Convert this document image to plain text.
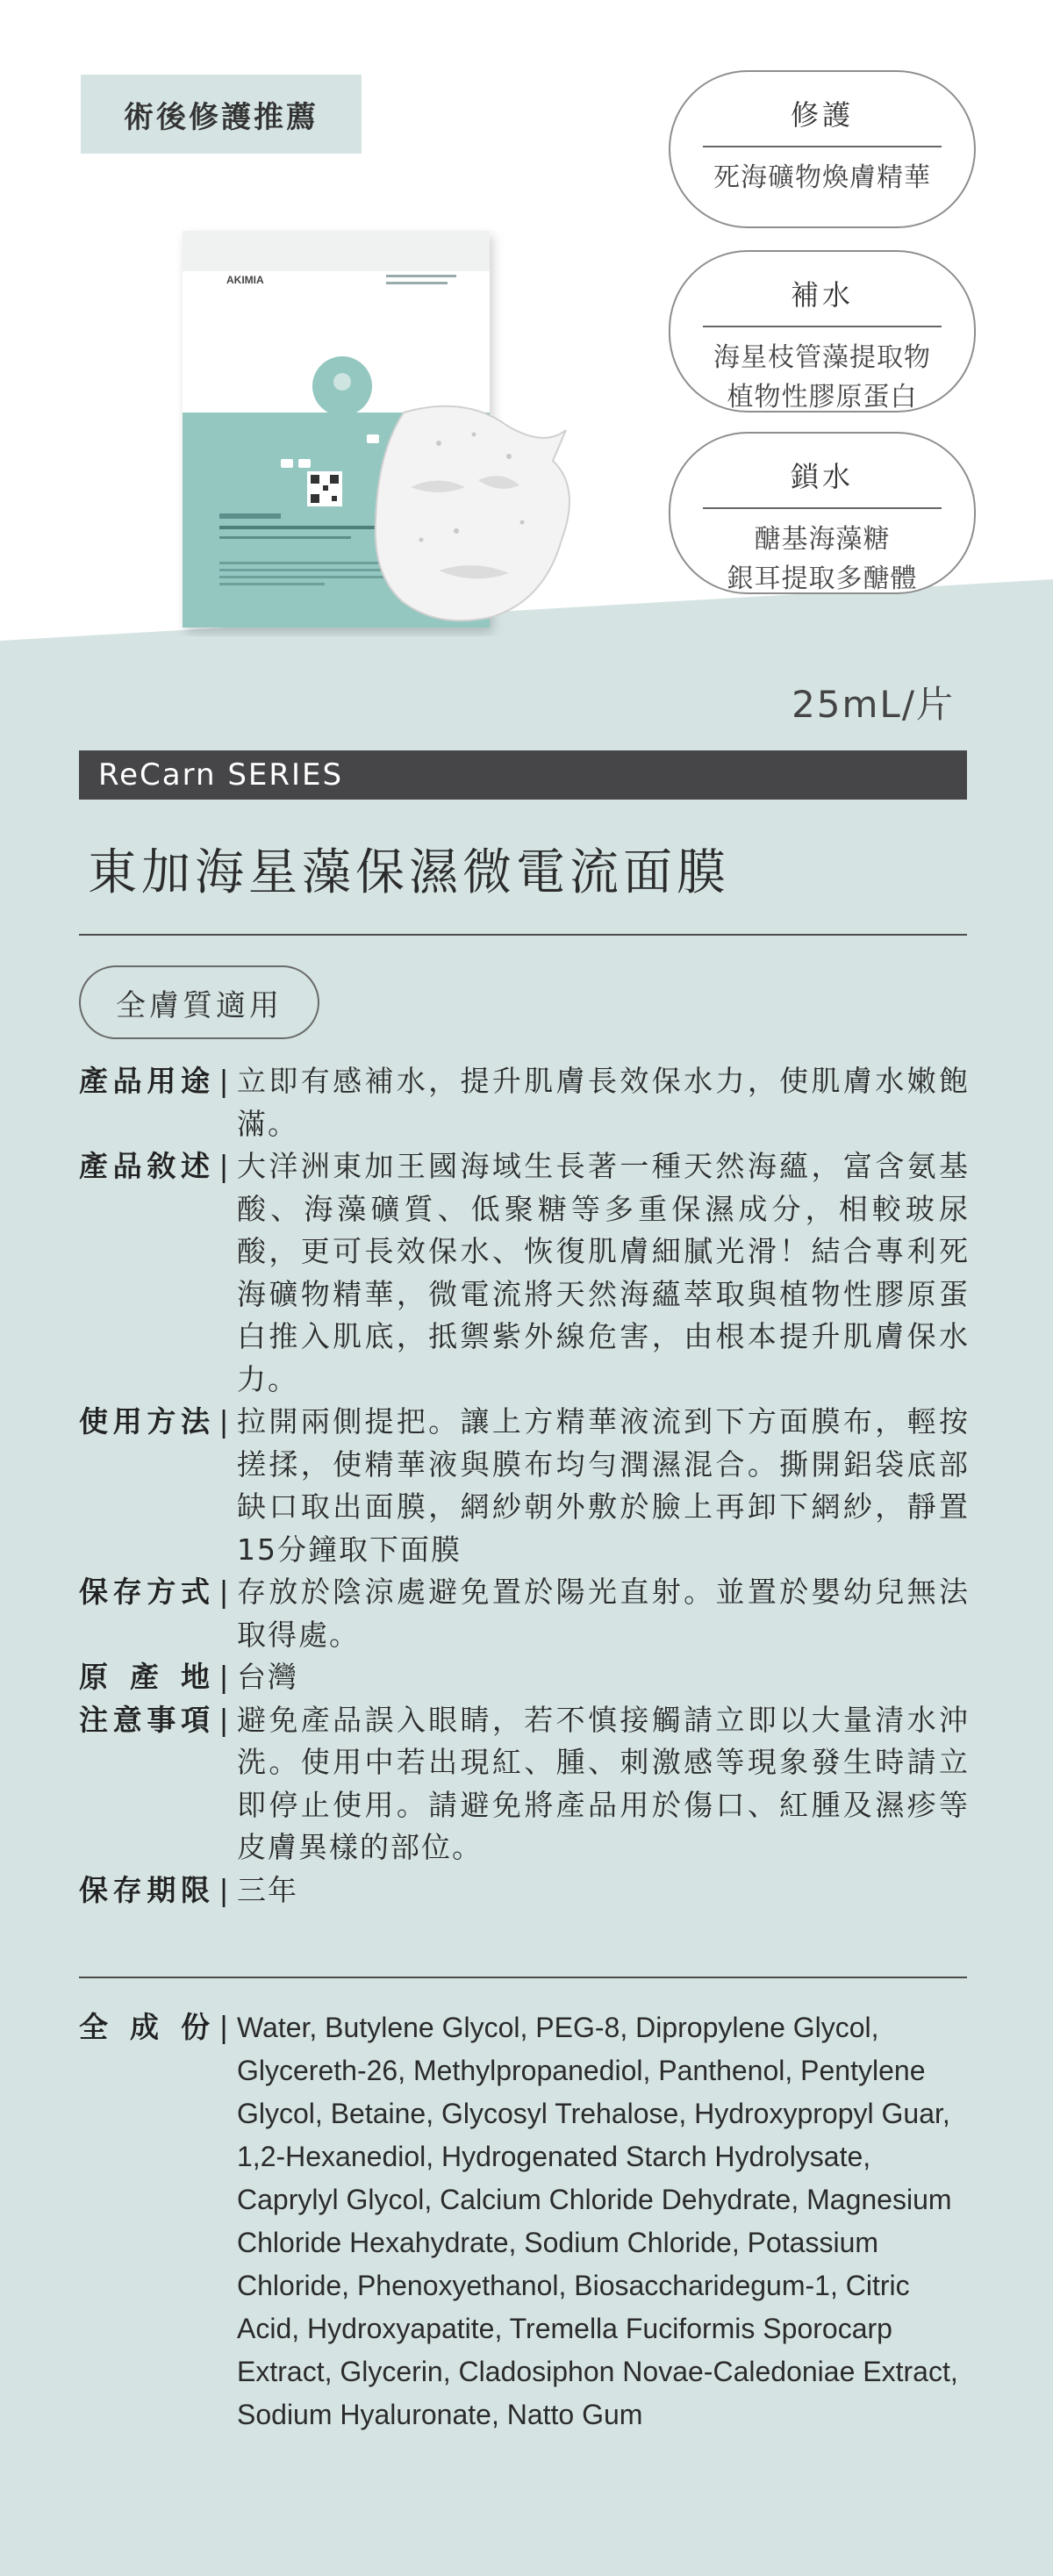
術後修護推薦	修護
死海礦物煥膚精華
補水
海星枝管藻提取物
植物性膠原蛋白
鎖水
醣基海藻糖
銀耳提取多醣體
AKIMIA
25mL/片
ReCarn SERIES
東加海星藻保濕微電流面膜
全膚質適用
產品用途 | 立即有感補水，提升肌膚長效保水力，使肌膚水嫩飽滿。
產品敘述 | 大洋洲東加王國海域生長著一種天然海蘊，富含氨基酸、海藻礦質、低聚糖等多重保濕成分，相較玻尿酸，更可長效保水、恢復肌膚細膩光滑！結合專利死海礦物精華，微電流將天然海蘊萃取與植物性膠原蛋白推入肌底，抵禦紫外線危害，由根本提升肌膚保水力。
使用方法 | 拉開兩側提把。讓上方精華液流到下方面膜布，輕按搓揉，使精華液與膜布均勻潤濕混合。撕開鋁袋底部缺口取出面膜，網紗朝外敷於臉上再卸下網紗，靜置15分鐘取下面膜
保存方式 | 存放於陰涼處避免置於陽光直射。並置於嬰幼兒無法取得處。
原產地 | 台灣
注意事項 | 避免產品誤入眼睛，若不慎接觸請立即以大量清水沖洗。使用中若出現紅、腫、刺激感等現象發生時請立即停止使用。請避免將產品用於傷口、紅腫及濕疹等皮膚異樣的部位。
保存期限 | 三年
全成份 | Water, Butylene Glycol, PEG-8, Dipropylene Glycol, Glycereth-26, Methylpropanediol, Panthenol, Pentylene Glycol, Betaine, Glycosyl Trehalose, Hydroxypropyl Guar, 1,2-Hexanediol, Hydrogenated Starch Hydrolysate, Caprylyl Glycol, Calcium Chloride Dehydrate, Magnesium Chloride Hexahydrate, Sodium Chloride, Potassium Chloride, Phenoxyethanol, Biosaccharidegum-1, Citric Acid, Hydroxyapatite, Tremella Fuciformis Sporocarp Extract, Glycerin, Cladosiphon Novae-Caledoniae Extract, Sodium Hyaluronate, Natto Gum
